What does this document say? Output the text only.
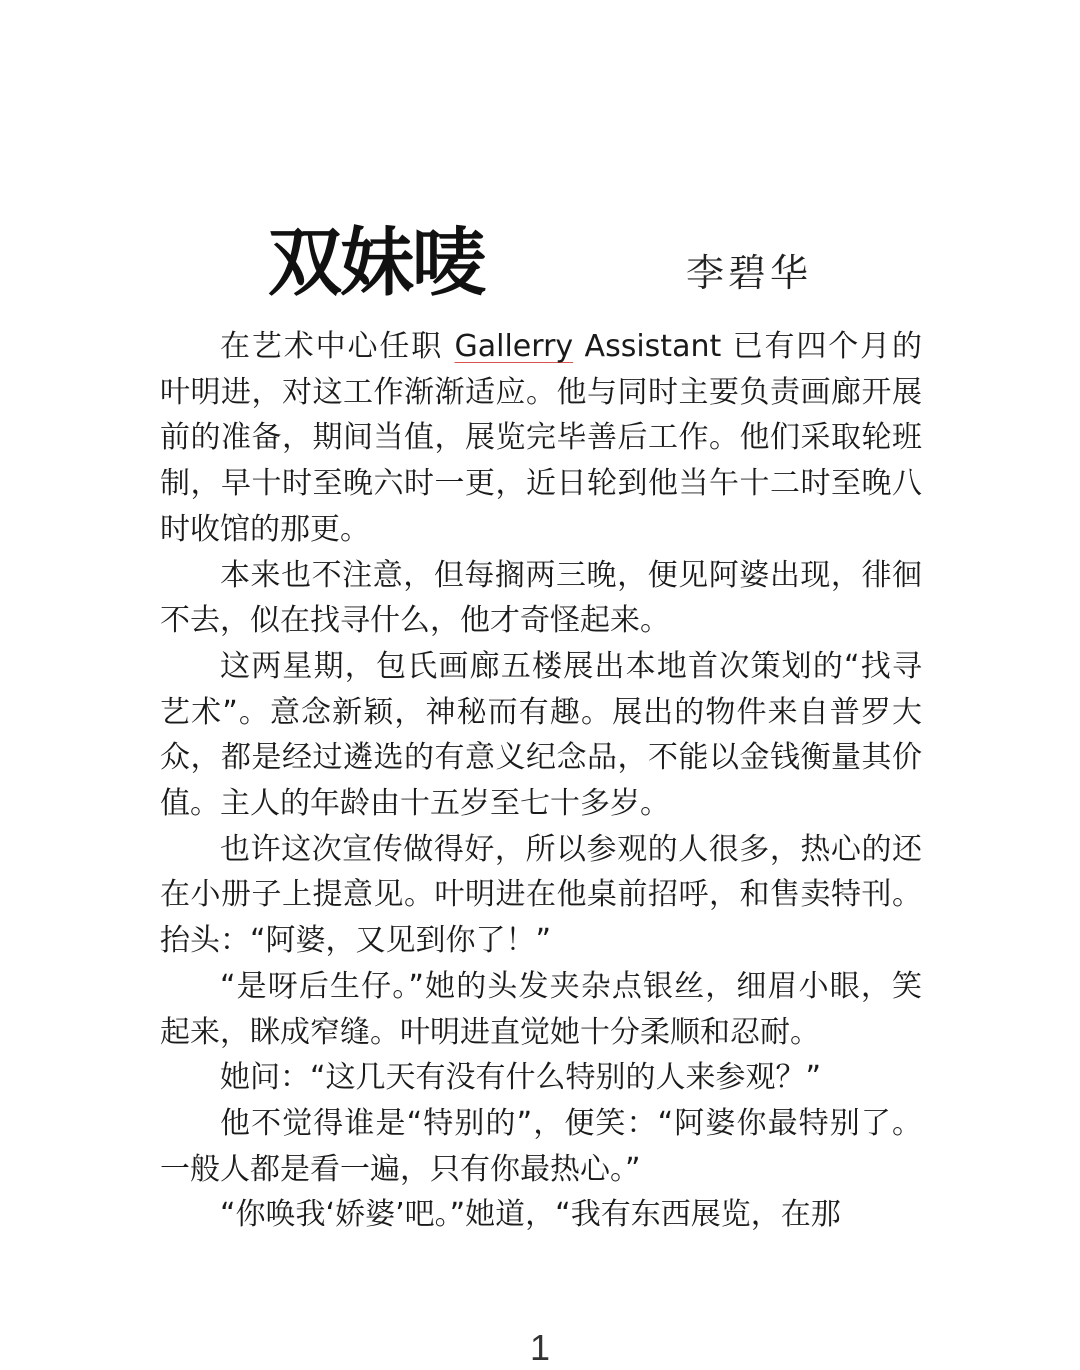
双妹唛	李碧华

在艺术中心任职 Gallerry Assistant 已有四个月的叶明进，对这工作渐渐适应。他与同时主要负责画廊开展前的准备，期间当值，展览完毕善后工作。他们采取轮班制，早十时至晚六时一更，近日轮到他当午十二时至晚八时收馆的那更。

本来也不注意，但每搁两三晚，便见阿婆出现，徘徊不去，似在找寻什么，他才奇怪起来。

这两星期，包氏画廊五楼展出本地首次策划的“找寻艺术”。意念新颖，神秘而有趣。展出的物件来自普罗大众，都是经过遴选的有意义纪念品，不能以金钱衡量其价值。主人的年龄由十五岁至七十多岁。

也许这次宣传做得好，所以参观的人很多，热心的还在小册子上提意见。叶明进在他桌前招呼，和售卖特刊。抬头：“阿婆，又见到你了！”

“是呀后生仔。”她的头发夹杂点银丝，细眉小眼，笑起来，眯成窄缝。叶明进直觉她十分柔顺和忍耐。

她问：“这几天有没有什么特别的人来参观？”

他不觉得谁是“特别的”，便笑：“阿婆你最特别了。一般人都是看一遍，只有你最热心。”

“你唤我‘娇婆’吧。”她道，“我有东西展览，在那

1
